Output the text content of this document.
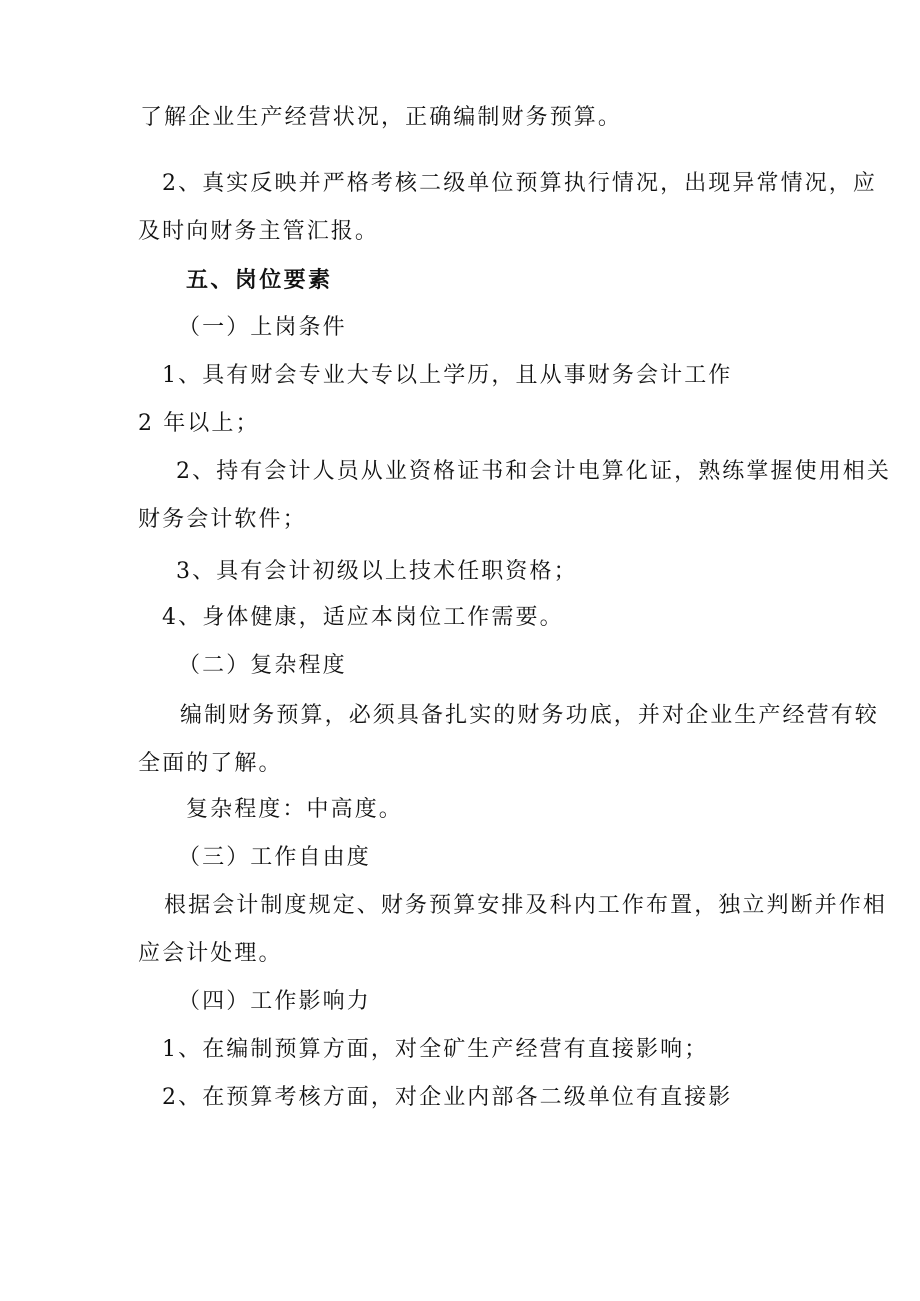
了解企业生产经营状况，正确编制财务预算。
2、真实反映并严格考核二级单位预算执行情况，出现异常情况，应
及时向财务主管汇报。
五、岗位要素
（一）上岗条件
1、具有财会专业大专以上学历，且从事财务会计工作
2 年以上；
2、持有会计人员从业资格证书和会计电算化证，熟练掌握使用相关
财务会计软件；
3、具有会计初级以上技术任职资格；
4、身体健康，适应本岗位工作需要。
（二）复杂程度
编制财务预算，必须具备扎实的财务功底，并对企业生产经营有较
全面的了解。
复杂程度：中高度。
（三）工作自由度
根据会计制度规定、财务预算安排及科内工作布置，独立判断并作相
应会计处理。
（四）工作影响力
1、在编制预算方面，对全矿生产经营有直接影响；
2、在预算考核方面，对企业内部各二级单位有直接影
